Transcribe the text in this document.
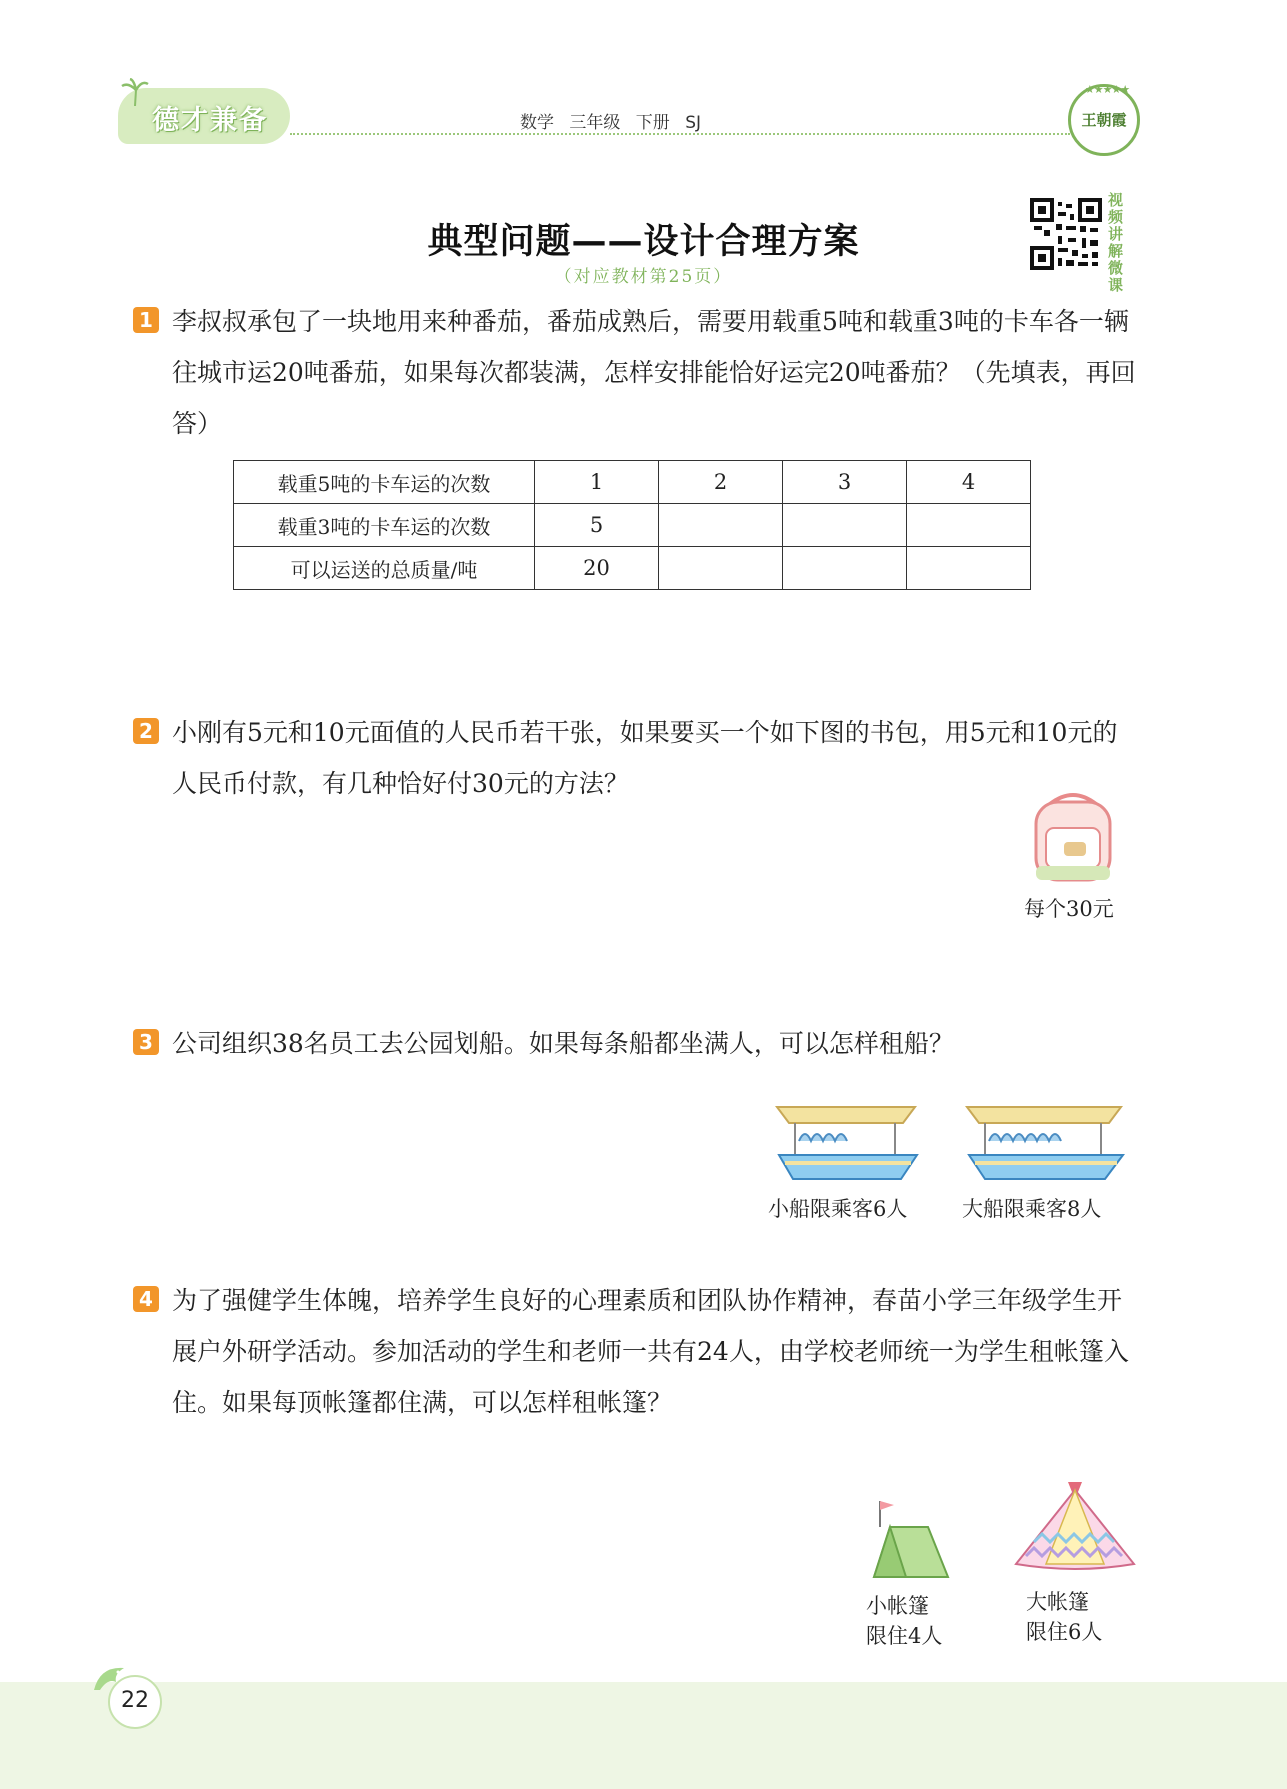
德才兼备	数学 三年级 下册 SJ
★★★★★
王朝霞
典型问题——设计合理方案
（对应教材第25页）
视频讲解微课
1 李叔叔承包了一块地用来种番茄，番茄成熟后，需要用载重5吨和载重3吨的卡车各一辆往城市运20吨番茄，如果每次都装满，怎样安排能恰好运完20吨番茄？（先填表，再回答）
载重5吨的卡车运的次数	1	2	3	4
载重3吨的卡车运的次数	5			
可以运送的总质量/吨	20			
2 小刚有5元和10元面值的人民币若干张，如果要买一个如下图的书包，用5元和10元的人民币付款，有几种恰好付30元的方法？
每个30元
3 公司组织38名员工去公园划船。如果每条船都坐满人，可以怎样租船？
小船限乘客6人	大船限乘客8人
4 为了强健学生体魄，培养学生良好的心理素质和团队协作精神，春苗小学三年级学生开展户外研学活动。参加活动的学生和老师一共有24人，由学校老师统一为学生租帐篷入住。如果每顶帐篷都住满，可以怎样租帐篷？
小帐篷
限住4人
大帐篷
限住6人
22
